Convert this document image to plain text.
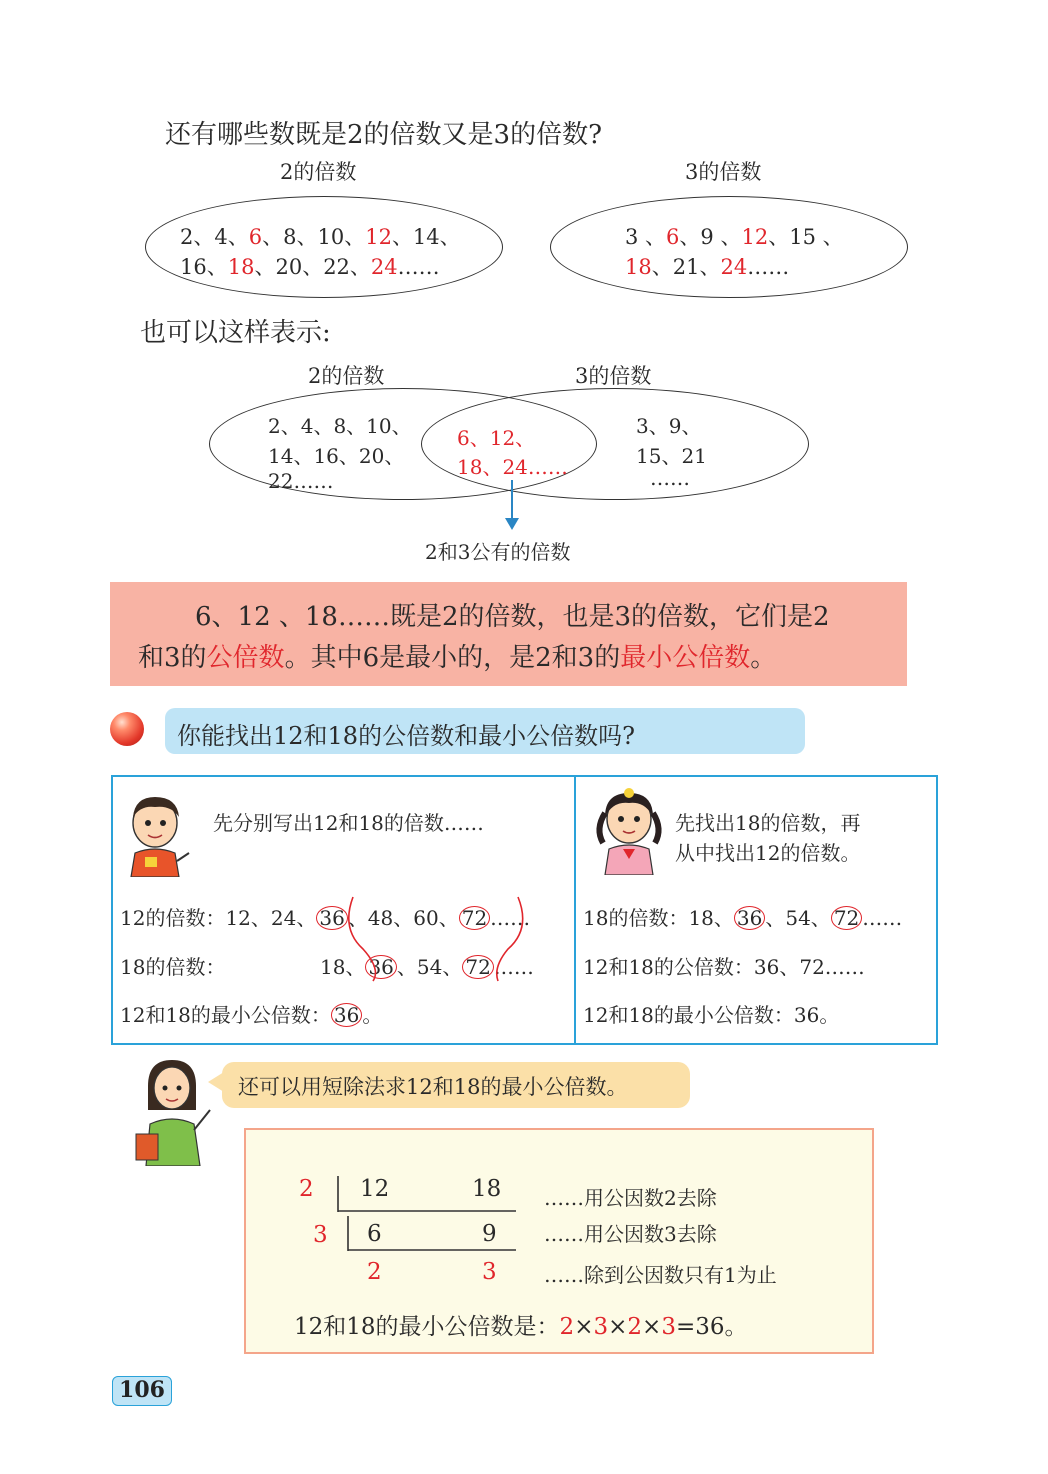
还有哪些数既是2的倍数又是3的倍数?
2的倍数	3的倍数
2、4、6、8、10、12、14、
16、18、20、22、24……
3 、6、9 、12、15 、
18、21、24……
也可以这样表示:
2的倍数	3的倍数
2、4、8、10、
14、16、20、
22……
6、12、
18、24……
3、9、
15、21
……
2和3公有的倍数
6、12 、18……既是2的倍数，也是3的倍数，它们是2
和3的公倍数。其中6是最小的，是2和3的最小公倍数。
你能找出12和18的公倍数和最小公倍数吗?
先分别写出12和18的倍数……
12的倍数：12、24、 36 、48、60、 72 ……
18的倍数：	18、 36 、54、 72 ……
12和18的最小公倍数： 36 。
先找出18的倍数，再
从中找出12的倍数。
18的倍数：18、 36 、54、 72 ……
12和18的公倍数：36、72……
12和18的最小公倍数：36。
还可以用短除法求12和18的最小公倍数。
2 12	18
3 6	9
2	3
……用公因数2去除
……用公因数3去除
……除到公因数只有1为止
12和18的最小公倍数是：2×3×2×3=36。
106
